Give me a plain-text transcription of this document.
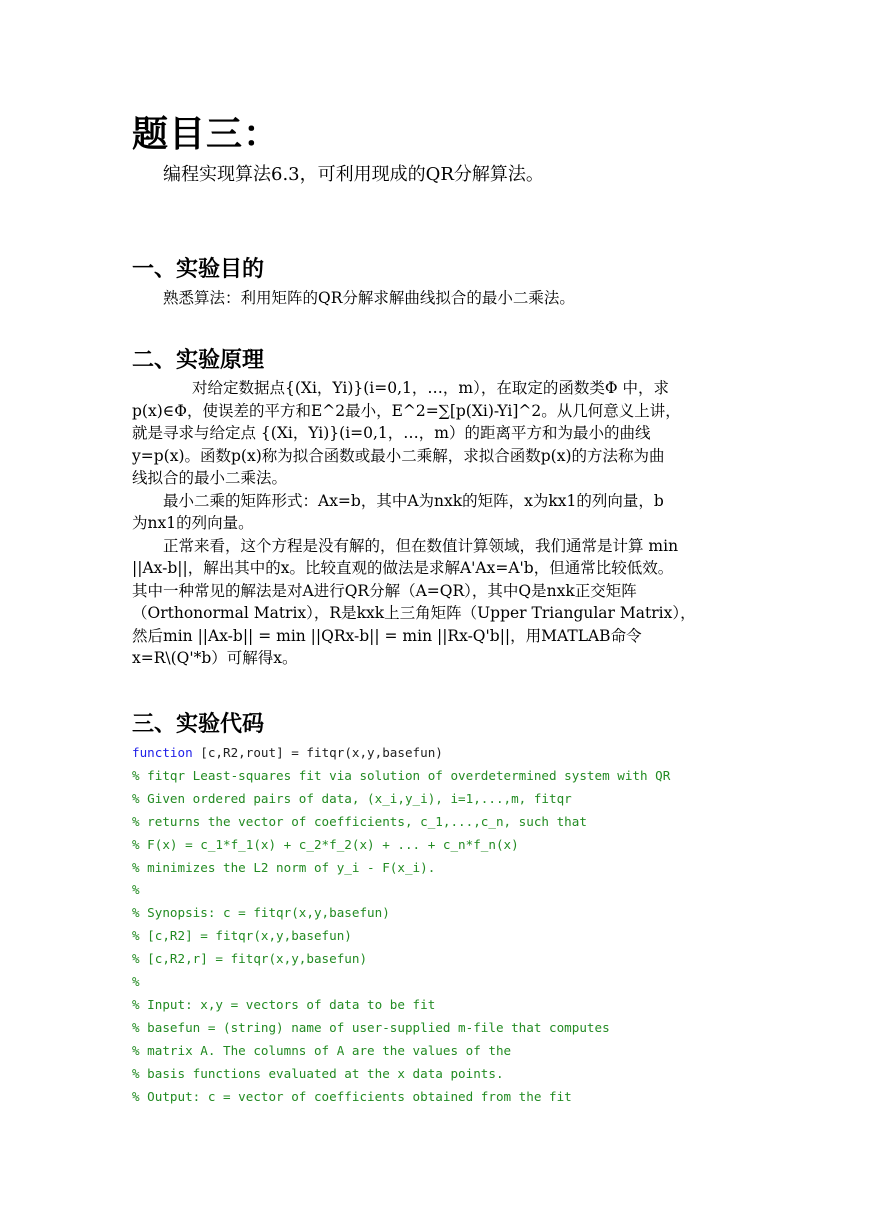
题目三：

编程实现算法6.3，可利用现成的QR分解算法。

一、实验目的

熟悉算法：利用矩阵的QR分解求解曲线拟合的最小二乘法。

二、实验原理
对给定数据点{(Xi，Yi)}(i=0,1，…，m），在取定的函数类Φ 中，求
p(x)∈Φ，使误差的平方和E^2最小，E^2=∑[p(Xi)-Yi]^2。从几何意义上讲，
就是寻求与给定点 {(Xi，Yi)}(i=0,1，…，m）的距离平方和为最小的曲线
y=p(x)。函数p(x)称为拟合函数或最小二乘解，求拟合函数p(x)的方法称为曲
线拟合的最小二乘法。
最小二乘的矩阵形式：Ax=b，其中A为nxk的矩阵，x为kx1的列向量，b
为nx1的列向量。
正常来看，这个方程是没有解的，但在数值计算领域，我们通常是计算 min
||Ax-b||，解出其中的x。比较直观的做法是求解A'Ax=A'b，但通常比较低效。
其中一种常见的解法是对A进行QR分解（A=QR），其中Q是nxk正交矩阵
（Orthonormal Matrix），R是kxk上三角矩阵（Upper Triangular Matrix），
然后min ||Ax-b|| = min ||QRx-b|| = min ||Rx-Q'b||，用MATLAB命令
x=R\(Q'*b）可解得x。
三、实验代码
function [c,R2,rout] = fitqr(x,y,basefun)
% fitqr Least-squares fit via solution of overdetermined system with QR
% Given ordered pairs of data, (x_i,y_i), i=1,...,m, fitqr
% returns the vector of coefficients, c_1,...,c_n, such that
% F(x) = c_1*f_1(x) + c_2*f_2(x) + ... + c_n*f_n(x)
% minimizes the L2 norm of y_i - F(x_i).
%
% Synopsis: c = fitqr(x,y,basefun)
% [c,R2] = fitqr(x,y,basefun)
% [c,R2,r] = fitqr(x,y,basefun)
%
% Input: x,y = vectors of data to be fit
% basefun = (string) name of user-supplied m-file that computes
% matrix A. The columns of A are the values of the
% basis functions evaluated at the x data points.
% Output: c = vector of coefficients obtained from the fit
